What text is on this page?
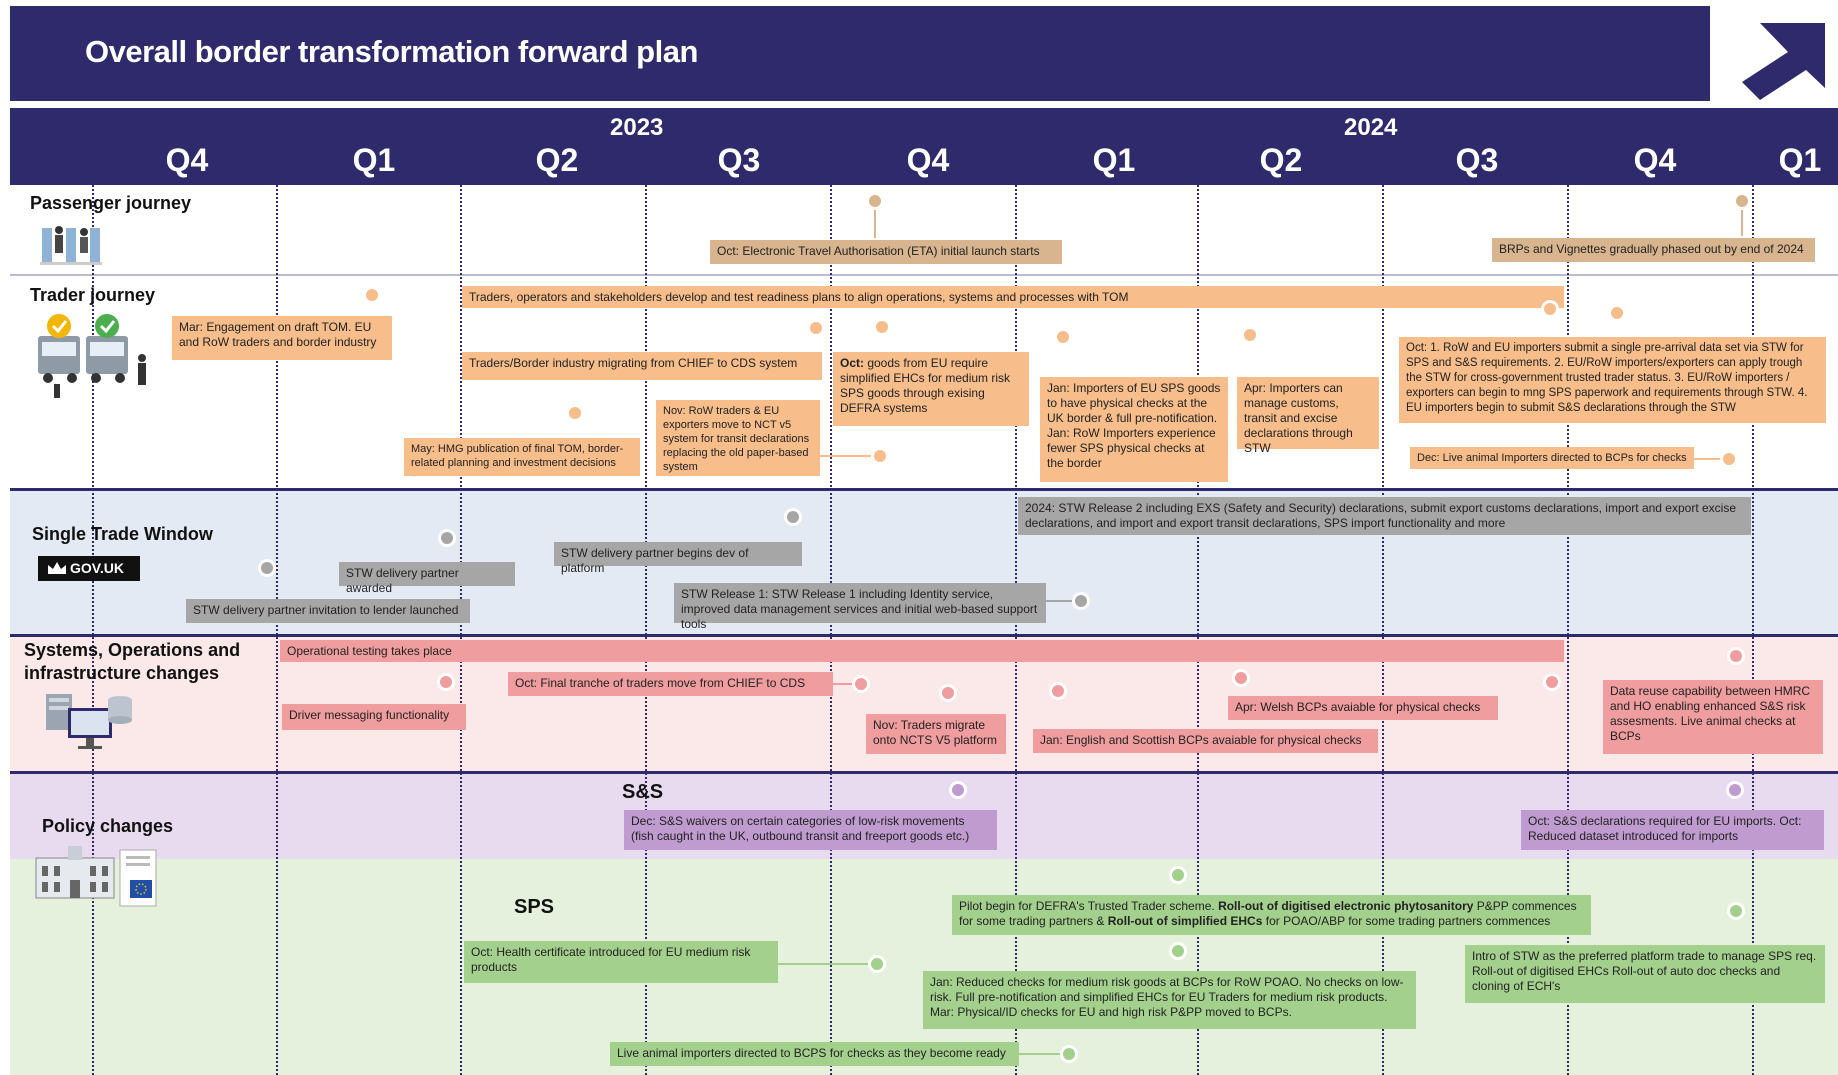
Overall border transformation forward plan
2023	2024
Q4	Q1	Q2	Q3	Q4	Q1	Q2	Q3	Q4	Q1
Passenger journey
Oct: Electronic Travel Authorisation (ETA) initial launch starts	BRPs and Vignettes gradually phased out by end of 2024
Trader journey
Mar: Engagement on draft TOM. EU and RoW traders and border industry
Traders, operators and stakeholders develop and test readiness plans to align operations, systems and processes with TOM
Traders/Border industry migrating from CHIEF to CDS system
May: HMG publication of final TOM, border-related planning and investment decisions
Nov: RoW traders & EU exporters move to NCT v5 system for transit declarations replacing the old paper-based system
Oct: goods from EU require simplified EHCs for medium risk SPS goods through exising DEFRA systems
Jan: Importers of EU SPS goods to have physical checks at the UK border & full pre-notification. Jan: RoW Importers experience fewer SPS physical checks at the border
Apr: Importers can manage customs, transit and excise declarations through STW
Oct: 1. RoW and EU importers submit a single pre-arrival data set via STW for SPS and S&S requirements. 2. EU/RoW importers/exporters can apply trough the STW for cross-government trusted trader status. 3. EU/RoW importers / exporters can begin to mng SPS paperwork and requirements through STW. 4. EU importers begin to submit S&S declarations through the STW
Dec: Live animal Importers directed to BCPs for checks
Single Trade Window
GOV.UK
2024: STW Release 2 including EXS (Safety and Security) declarations, submit export customs declarations, import and export excise declarations, and import and export transit declarations, SPS import functionality and more
STW delivery partner begins dev of platform
STW delivery partner awarded
STW delivery partner invitation to lender launched
STW Release 1: STW Release 1 including Identity service, improved data management services and initial web-based support tools
Systems, Operations and
infrastructure changes
Operational testing takes place
Driver messaging functionality
Oct: Final tranche of traders move from CHIEF to CDS
Nov: Traders migrate onto NCTS V5 platform	Jan: English and Scottish BCPs avaiable for physical checks
Apr: Welsh BCPs avaiable for physical checks
Data reuse capability between HMRC and HO enabling enhanced S&S risk assesments. Live animal checks at BCPs
Policy changes
S&S
Dec: S&S waivers on certain categories of low-risk movements (fish caught in the UK, outbound transit and freeport goods etc.)
Oct: S&S declarations required for EU imports. Oct: Reduced dataset introduced for imports
SPS	Pilot begin for DEFRA's Trusted Trader scheme. Roll-out of digitised electronic phytosanitory P&PP commences for some trading partners & Roll-out of simplified EHCs for POAO/ABP for some trading partners commences
Oct: Health certificate introduced for EU medium risk products
Jan: Reduced checks for medium risk goods at BCPs for RoW POAO. No checks on low-risk. Full pre-notification and simplified EHCs for EU Traders for medium risk products. Mar: Physical/ID checks for EU and high risk P&PP moved to BCPs.
Intro of STW as the preferred platform trade to manage SPS req. Roll-out of digitised EHCs Roll-out of auto doc checks and cloning of ECH's
Live animal importers directed to BCPS for checks as they become ready
